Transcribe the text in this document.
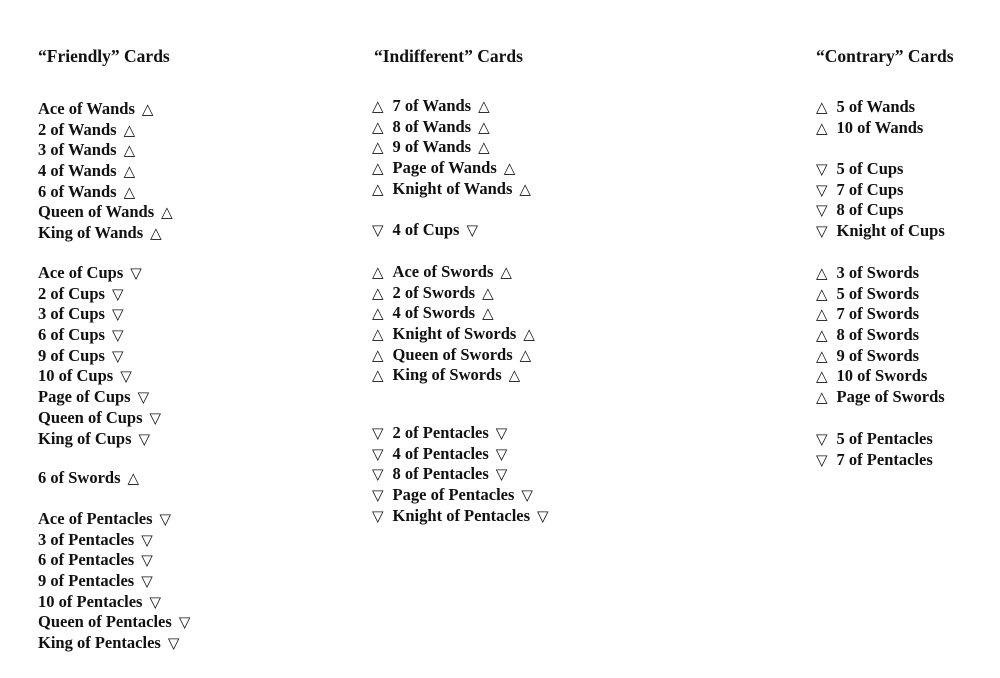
“Friendly” Cards
Ace of Wands △
2 of Wands △
3 of Wands △
4 of Wands △
6 of Wands △
Queen of Wands △
King of Wands △
Ace of Cups ▽
2 of Cups ▽
3 of Cups ▽
6 of Cups ▽
9 of Cups ▽
10 of Cups ▽
Page of Cups ▽
Queen of Cups ▽
King of Cups ▽
6 of Swords △
Ace of Pentacles ▽
3 of Pentacles ▽
6 of Pentacles ▽
9 of Pentacles ▽
10 of Pentacles ▽
Queen of Pentacles ▽
King of Pentacles ▽
“Indifferent” Cards
△ 7 of Wands △
△ 8 of Wands △
△ 9 of Wands △
△ Page of Wands △
△ Knight of Wands △
▽ 4 of Cups ▽
△ Ace of Swords △
△ 2 of Swords △
△ 4 of Swords △
△ Knight of Swords △
△ Queen of Swords △
△ King of Swords △
▽ 2 of Pentacles ▽
▽ 4 of Pentacles ▽
▽ 8 of Pentacles ▽
▽ Page of Pentacles ▽
▽ Knight of Pentacles ▽
“Contrary” Cards
△ 5 of Wands
△ 10 of Wands
▽ 5 of Cups
▽ 7 of Cups
▽ 8 of Cups
▽ Knight of Cups
△ 3 of Swords
△ 5 of Swords
△ 7 of Swords
△ 8 of Swords
△ 9 of Swords
△ 10 of Swords
△ Page of Swords
▽ 5 of Pentacles
▽ 7 of Pentacles
